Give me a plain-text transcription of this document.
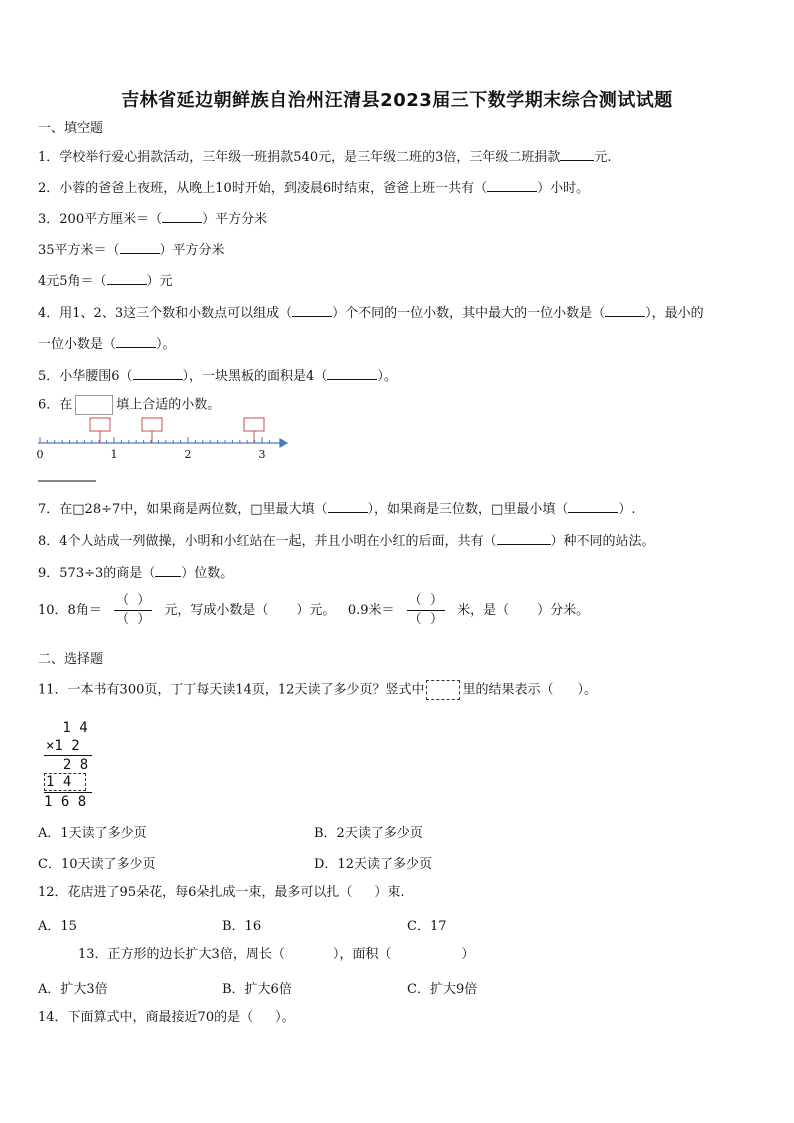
吉林省延边朝鲜族自治州汪清县2023届三下数学期末综合测试试题
一、填空题
1．学校举行爱心捐款活动，三年级一班捐款540元，是三年级二班的3倍，三年级二班捐款	元.
2．小蓉的爸爸上夜班，从晚上10时开始，到凌晨6时结束，爸爸上班一共有（	）小时。
3．200平方厘米＝（	）平方分米
35平方米＝（	）平方分米
4元5角＝（	）元
4．用1、2、3这三个数和小数点可以组成（	）个不同的一位小数，其中最大的一位小数是（	），最小的
一位小数是（	）。
5．小华腰围6（	），一块黑板的面积是4（	）。
6．在	填上合适的小数。
0	1	2	3
7．在□28÷7中，如果商是两位数，□里最大填（	），如果商是三位数，□里最小填（	）.
8．4个人站成一列做操，小明和小红站在一起，并且小明在小红的后面，共有（	）种不同的站法。
9．573÷3的商是（ ）位数。
10．8角＝ $\frac{( )}{( )}$ 元，写成小数是（ ）元。 0.9米＝ $\frac{( )}{( )}$ 米，是（ ）分米。
二、选择题
11．一本书有300页，丁丁每天读14页，12天读了多少页？竖式中	里的结果表示（ ）。
1 4
×1 2
2 8
1 4
1 6 8
A．1天读了多少页	B．2天读了多少页
C．10天读了多少页	D．12天读了多少页
12．花店进了95朵花，每6朵扎成一束，最多可以扎（ ）束.
A．15	B．16	C．17
13．正方形的边长扩大3倍，周长（	），面积（	）
A．扩大3倍	B．扩大6倍	C．扩大9倍
14．下面算式中，商最接近70的是（ ）。
